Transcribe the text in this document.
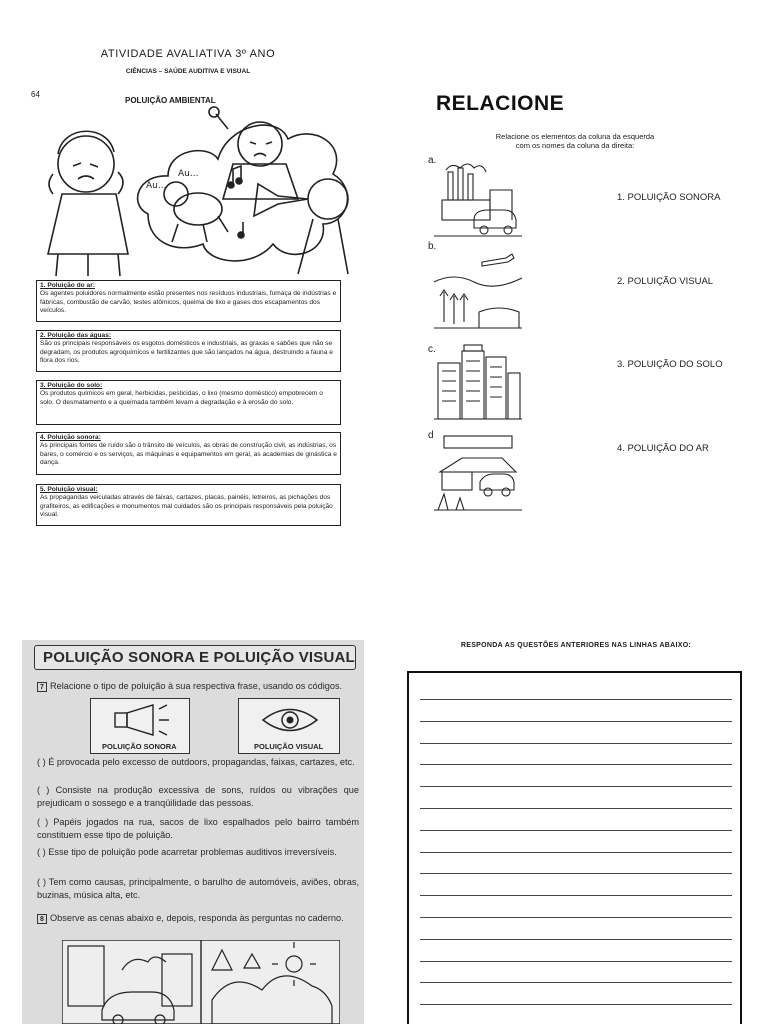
ATIVIDADE AVALIATIVA 3º ANO
CIÊNCIAS – SAÚDE AUDITIVA E VISUAL
64
POLUIÇÃO AMBIENTAL
Au...
Au...
1. Poluição do ar:
Os agentes poluidores normalmente estão presentes nos resíduos industriais, fumaça de indústrias e fábricas, combustão de carvão, testes atômicos, queima de lixo e gases dos escapamentos dos veículos.
2. Poluição das águas:
São os principais responsáveis os esgotos domésticos e industriais, as graxas e sabões que não se degradam, os produtos agroquímicos e fertilizantes que são lançados na água, destruindo a fauna e flora dos rios.
3. Poluição do solo:
Os produtos químicos em geral, herbicidas, pesticidas, o lixo (mesmo doméstico) empobrecem o solo. O desmatamento e a queimada também levam a degradação e à erosão do solo.
4. Poluição sonora:
As principais fontes de ruído são o trânsito de veículos, as obras de construção civil, as indústrias, os bares, o comércio e os serviços, as máquinas e equipamentos em geral, as academias de ginástica e dança.
5. Poluição visual:
As propagandas veiculadas através de faixas, cartazes, placas, painéis, letreiros, as pichações dos grafiteiros, as edificações e monumentos mal cuidados são os principais responsáveis pela poluição visual.
RELACIONE
Relacione os elementos da coluna da esquerda
com os nomes da coluna da direita:
a.
b.
c.
d
1. POLUIÇÃO SONORA
2. POLUIÇÃO VISUAL
3. POLUIÇÃO DO SOLO
4. POLUIÇÃO DO AR
POLUIÇÃO SONORA E POLUIÇÃO VISUAL
7 Relacione o tipo de poluição à sua respectiva frase, usando os códigos.
POLUIÇÃO SONORA	POLUIÇÃO VISUAL
( ) É provocada pelo excesso de outdoors, propagandas, faixas, cartazes, etc.
( ) Consiste na produção excessiva de sons, ruídos ou vibrações que prejudicam o sossego e a tranqüilidade das pessoas.
( ) Papéis jogados na rua, sacos de lixo espalhados pelo bairro também constituem esse tipo de poluição.
( ) Esse tipo de poluição pode acarretar problemas auditivos irreversíveis.
( ) Tem como causas, principalmente, o barulho de automóveis, aviões, obras, buzinas, música alta, etc.
8 Observe as cenas abaixo e, depois, responda às perguntas no caderno.
RESPONDA AS QUESTÕES ANTERIORES NAS LINHAS ABAIXO:
